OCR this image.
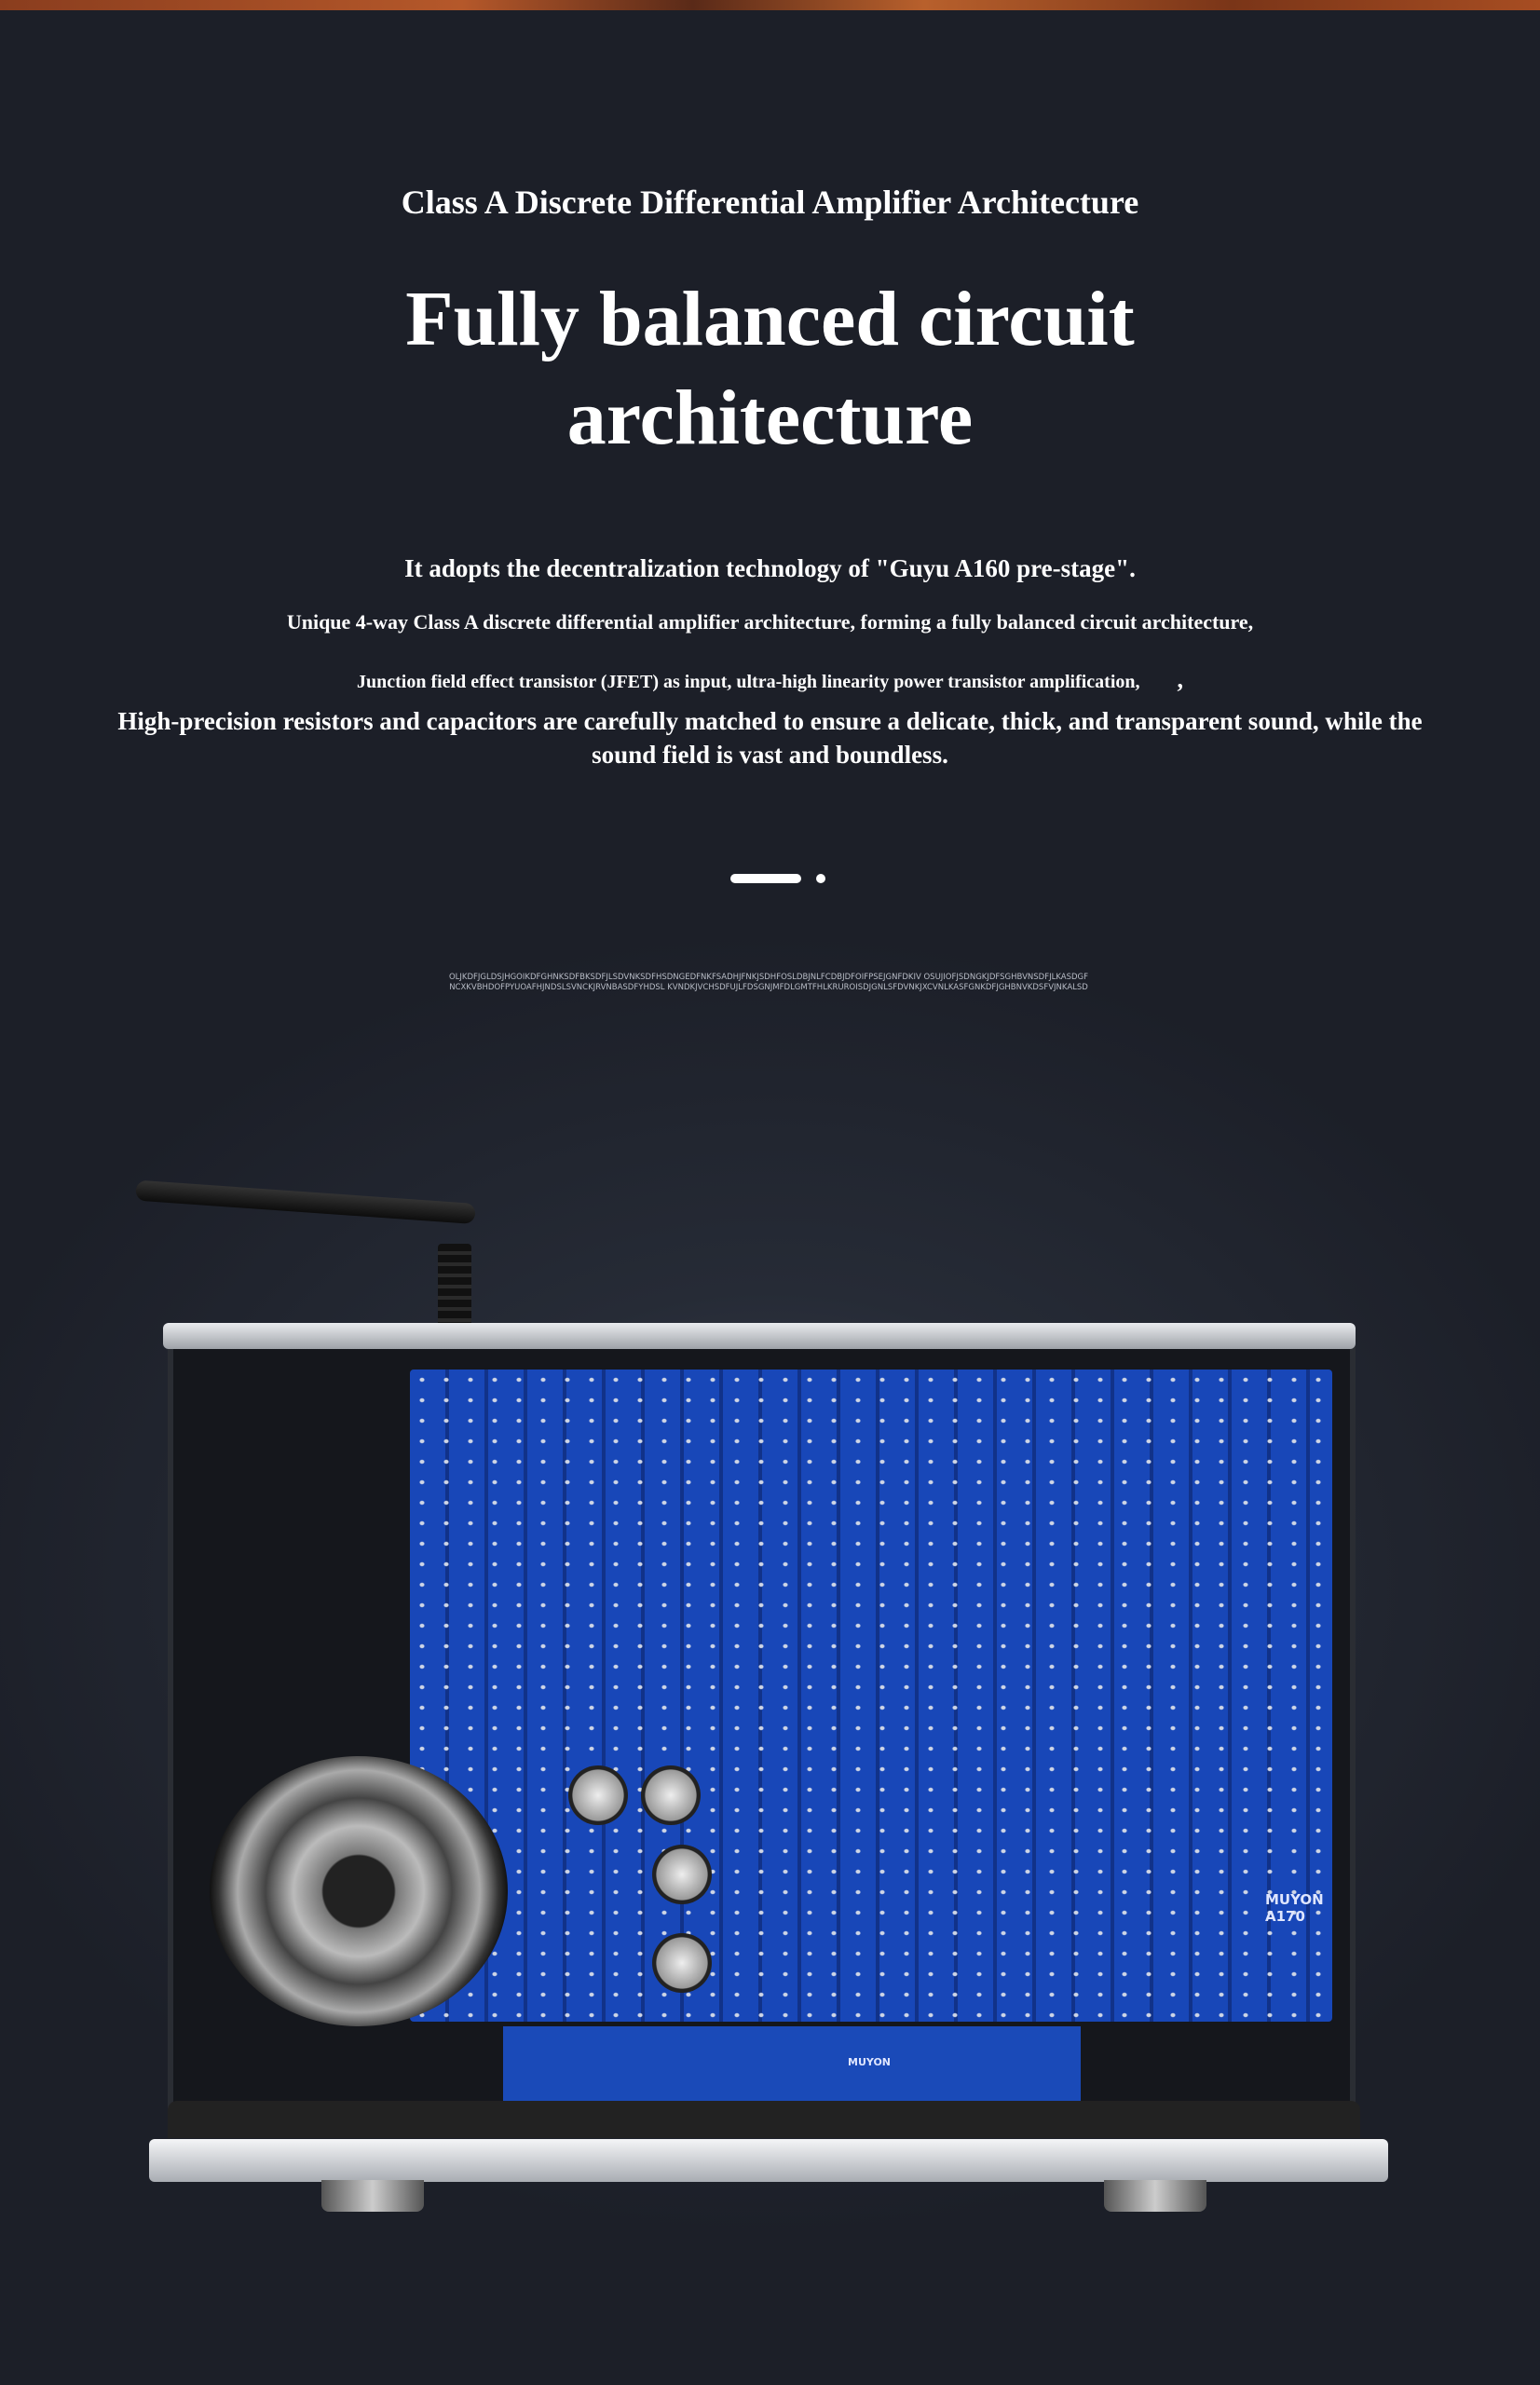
Class A Discrete Differential Amplifier Architecture
Fully balanced circuit
architecture
It adopts the decentralization technology of "Guyu A160 pre-stage".
Unique 4-way Class A discrete differential amplifier architecture, forming a fully balanced circuit architecture,
Junction field effect transistor (JFET) as input, ultra-high linearity power transistor amplification, ,
High-precision resistors and capacitors are carefully matched to ensure a delicate, thick, and transparent sound, while the sound field is vast and boundless.
OLJKDFJGLDSJHGOIKDFGHNKSDFBKSDFJLSDVNKSDFHSDNGEDFNKFSADHJFNKJSDHFOSLDBJNLFCDBJDFOIFPSEJGNFDKIV OSUJIOFJSDNGKJDFSGHBVNSDFJLKASDGFNCXKVBHDOFPYUOAFHJNDSLSVNCKJRVNBASDFYHDSL KVNDKJVCHSDFUJLFDSGNJMFDLGMTFHLKRUROISDJGNLSFDVNKJXCVNLKASFGNKDFJGHBNVKDSFVJNKALSD
MUYON
A170
MUYON
